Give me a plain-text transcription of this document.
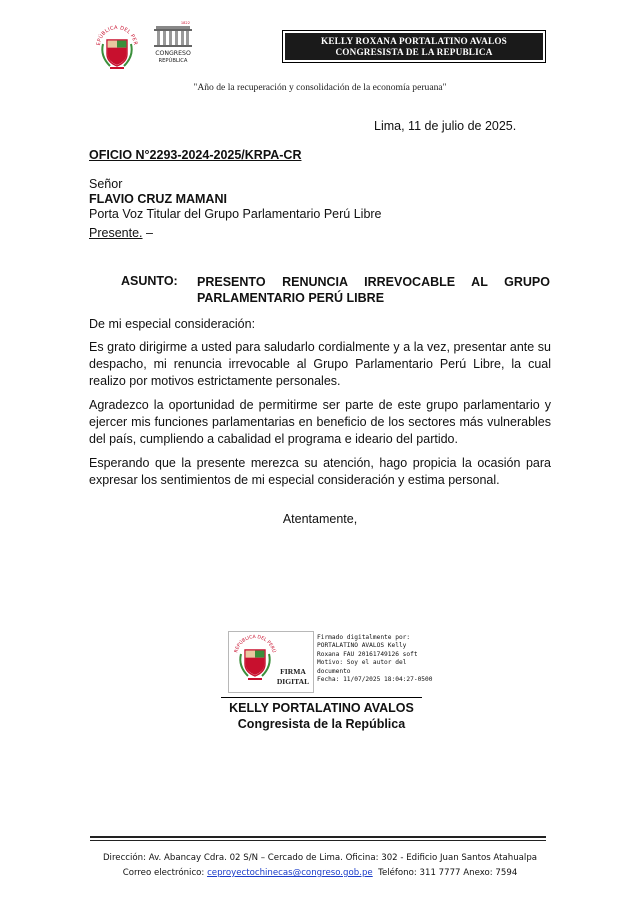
EPÚBLICA DEL PER
1822
CONGRESO
REPÚBLICA
KELLY ROXANA PORTALATINO AVALOS
CONGRESISTA DE LA REPUBLICA
"Año de la recuperación y consolidación de la economía peruana"
Lima, 11 de julio de 2025.
OFICIO N°2293-2024-2025/KRPA-CR
Señor
FLAVIO CRUZ MAMANI
Porta Voz Titular del Grupo Parlamentario Perú Libre
Presente. –
ASUNTO: PRESENTO RENUNCIA IRREVOCABLE AL GRUPO PARLAMENTARIO PERÚ LIBRE
De mi especial consideración:
Es grato dirigirme a usted para saludarlo cordialmente y a la vez, presentar ante su despacho, mi renuncia irrevocable al Grupo Parlamentario Perú Libre, la cual realizo por motivos estrictamente personales.
Agradezco la oportunidad de permitirme ser parte de este grupo parlamentario y ejercer mis funciones parlamentarias en beneficio de los sectores más vulnerables del país, cumpliendo a cabalidad el programa e ideario del partido.
Esperando que la presente merezca su atención, hago propicia la ocasión para expresar los sentimientos de mi especial consideración y estima personal.
Atentamente,
REPÚBLICA DEL PERÚ
FIRMA
DIGITAL
Firmado digitalmente por:
PORTALATINO AVALOS Kelly
Roxana FAU 20161749126 soft
Motivo: Soy el autor del
documento
Fecha: 11/07/2025 18:04:27-0500
KELLY PORTALATINO AVALOS
Congresista de la República
Dirección: Av. Abancay Cdra. 02 S/N – Cercado de Lima. Oficina: 302 - Edificio Juan Santos Atahualpa
Correo electrónico: ceproyectochinecas@congreso.gob.pe  Teléfono: 311 7777 Anexo: 7594
